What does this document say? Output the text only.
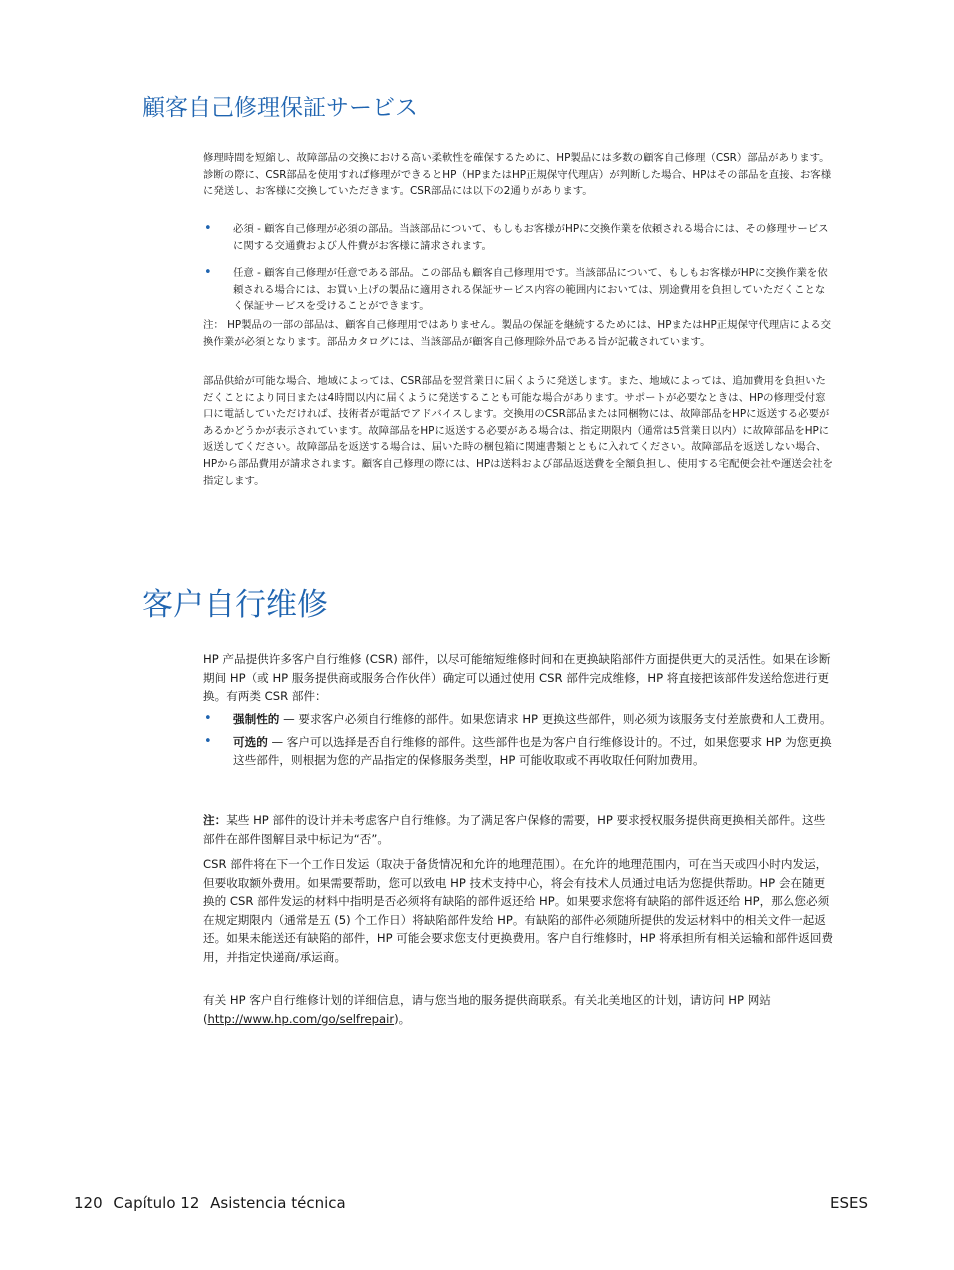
顧客自己修理保証サービス

修理時間を短縮し、故障部品の交換における高い柔軟性を確保するために、HP製品には多数の顧客自己修理（CSR）部品があります。診断の際に、CSR部品を使用すれば修理ができるとHP（HPまたはHP正規保守代理店）が判断した場合、HPはその部品を直接、お客様に発送し、お客様に交換していただきます。CSR部品には以下の2通りがあります。

• 必須 - 顧客自己修理が必須の部品。当該部品について、もしもお客様がHPに交換作業を依頼される場合には、その修理サービスに関する交通費および人件費がお客様に請求されます。
• 任意 - 顧客自己修理が任意である部品。この部品も顧客自己修理用です。当該部品について、もしもお客様がHPに交換作業を依頼される場合には、お買い上げの製品に適用される保証サービス内容の範囲内においては、別途費用を負担していただくことなく保証サービスを受けることができます。

注： HP製品の一部の部品は、顧客自己修理用ではありません。製品の保証を継続するためには、HPまたはHP正規保守代理店による交換作業が必須となります。部品カタログには、当該部品が顧客自己修理除外品である旨が記載されています。

部品供給が可能な場合、地域によっては、CSR部品を翌営業日に届くように発送します。また、地域によっては、追加費用を負担いただくことにより同日または4時間以内に届くように発送することも可能な場合があります。サポートが必要なときは、HPの修理受付窓口に電話していただければ、技術者が電話でアドバイスします。交換用のCSR部品または同梱物には、故障部品をHPに返送する必要があるかどうかが表示されています。故障部品をHPに返送する必要がある場合は、指定期限内（通常は5営業日以内）に故障部品をHPに返送してください。故障部品を返送する場合は、届いた時の梱包箱に関連書類とともに入れてください。故障部品を返送しない場合、HPから部品費用が請求されます。顧客自己修理の際には、HPは送料および部品返送費を全額負担し、使用する宅配便会社や運送会社を指定します。

客户自行维修

HP 产品提供许多客户自行维修 (CSR) 部件，以尽可能缩短维修时间和在更换缺陷部件方面提供更大的灵活性。如果在诊断期间 HP（或 HP 服务提供商或服务合作伙伴）确定可以通过使用 CSR 部件完成维修，HP 将直接把该部件发送给您进行更换。有两类 CSR 部件：

• 强制性的 — 要求客户必须自行维修的部件。如果您请求 HP 更换这些部件，则必须为该服务支付差旅费和人工费用。
• 可选的 — 客户可以选择是否自行维修的部件。这些部件也是为客户自行维修设计的。不过，如果您要求 HP 为您更换这些部件，则根据为您的产品指定的保修服务类型，HP 可能收取或不再收取任何附加费用。

注：某些 HP 部件的设计并未考虑客户自行维修。为了满足客户保修的需要，HP 要求授权服务提供商更换相关部件。这些部件在部件图解目录中标记为“否”。

CSR 部件将在下一个工作日发运（取决于备货情况和允许的地理范围）。在允许的地理范围内，可在当天或四小时内发运，但要收取额外费用。如果需要帮助，您可以致电 HP 技术支持中心，将会有技术人员通过电话为您提供帮助。HP 会在随更换的 CSR 部件发运的材料中指明是否必须将有缺陷的部件返还给 HP。如果要求您将有缺陷的部件返还给 HP，那么您必须在规定期限内（通常是五 (5) 个工作日）将缺陷部件发给 HP。有缺陷的部件必须随所提供的发运材料中的相关文件一起返还。如果未能送还有缺陷的部件，HP 可能会要求您支付更换费用。客户自行维修时，HP 将承担所有相关运输和部件返回费用，并指定快递商/承运商。

有关 HP 客户自行维修计划的详细信息，请与您当地的服务提供商联系。有关北美地区的计划，请访问 HP 网站 (http://www.hp.com/go/selfrepair)。

120 Capítulo 12 Asistencia técnica	ESES
